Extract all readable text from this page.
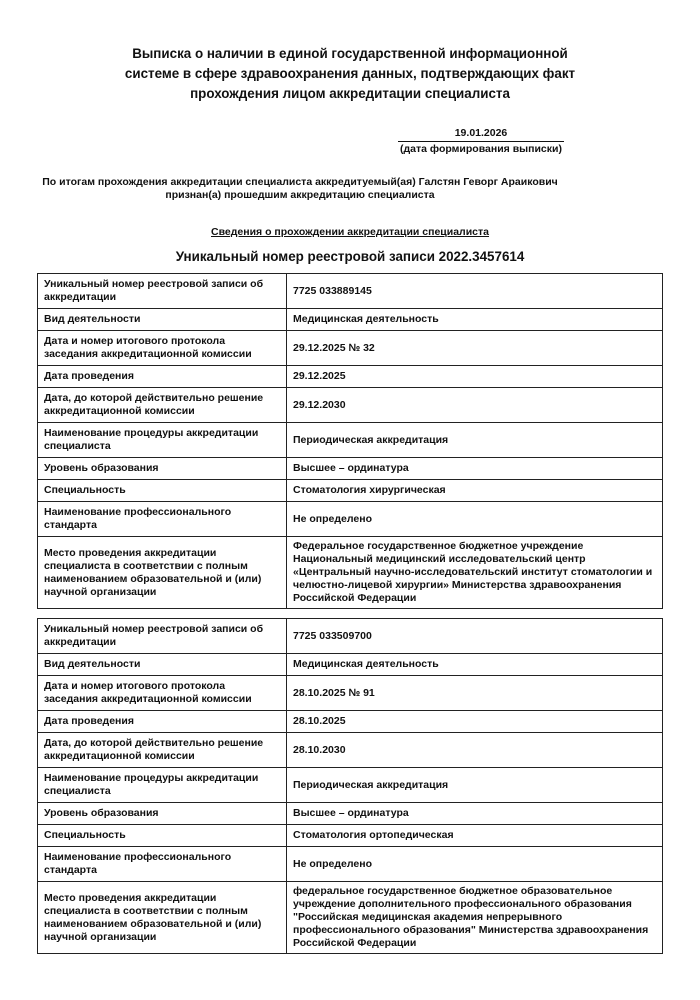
Выписка о наличии в единой государственной информационной
системе в сфере здравоохранения данных, подтверждающих факт
прохождения лицом аккредитации специалиста
19.01.2026
(дата формирования выписки)
По итогам прохождения аккредитации специалиста аккредитуемый(ая) Галстян Геворг Араикович
признан(а) прошедшим аккредитацию специалиста
Сведения о прохождении аккредитации специалиста
Уникальный номер реестровой записи 2022.3457614
Уникальный номер реестровой записи об аккредитации	7725 033889145
Вид деятельности	Медицинская деятельность
Дата и номер итогового протокола заседания аккредитационной комиссии	29.12.2025 № 32
Дата проведения	29.12.2025
Дата, до которой действительно решение аккредитационной комиссии	29.12.2030
Наименование процедуры аккредитации специалиста	Периодическая аккредитация
Уровень образования	Высшее – ординатура
Специальность	Стоматология хирургическая
Наименование профессионального стандарта	Не определено
Место проведения аккредитации специалиста в соответствии с полным наименованием образовательной и (или) научной организации	Федеральное государственное бюджетное учреждение Национальный медицинский исследовательский центр «Центральный научно-исследовательский институт стоматологии и челюстно-лицевой хирургии» Министерства здравоохранения Российской Федерации
Уникальный номер реестровой записи об аккредитации	7725 033509700
Вид деятельности	Медицинская деятельность
Дата и номер итогового протокола заседания аккредитационной комиссии	28.10.2025 № 91
Дата проведения	28.10.2025
Дата, до которой действительно решение аккредитационной комиссии	28.10.2030
Наименование процедуры аккредитации специалиста	Периодическая аккредитация
Уровень образования	Высшее – ординатура
Специальность	Стоматология ортопедическая
Наименование профессионального стандарта	Не определено
Место проведения аккредитации специалиста в соответствии с полным наименованием образовательной и (или) научной организации	федеральное государственное бюджетное образовательное учреждение дополнительного профессионального образования "Российская медицинская академия непрерывного профессионального образования" Министерства здравоохранения Российской Федерации
